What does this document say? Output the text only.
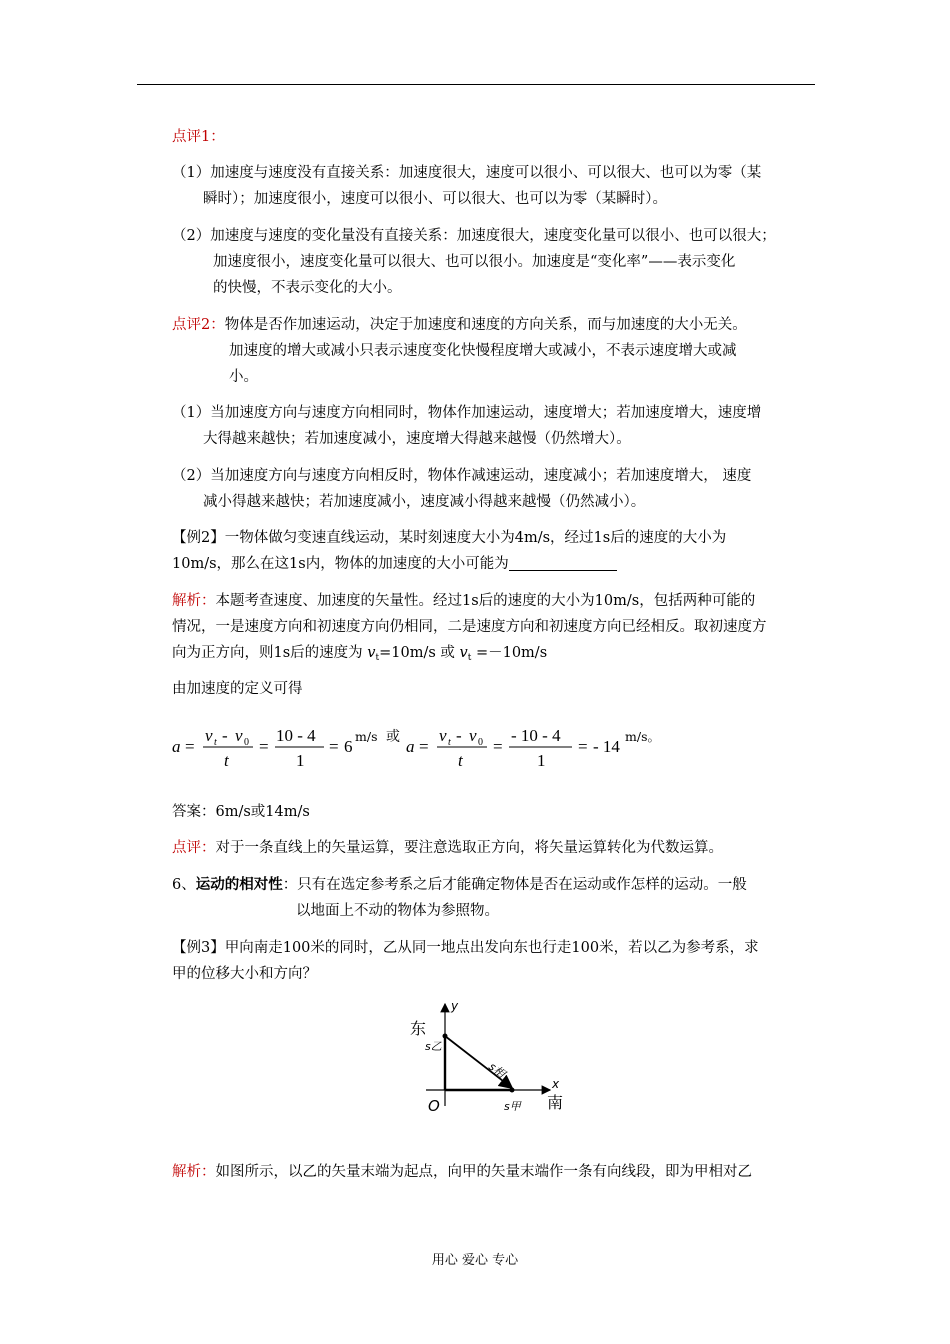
点评1：
（1）加速度与速度没有直接关系：加速度很大，速度可以很小、可以很大、也可以为零（某
瞬时）；加速度很小，速度可以很小、可以很大、也可以为零（某瞬时）。
（2）加速度与速度的变化量没有直接关系：加速度很大，速度变化量可以很小、也可以很大；
加速度很小，速度变化量可以很大、也可以很小。加速度是“变化率”——表示变化
的快慢，不表示变化的大小。
点评2：物体是否作加速运动，决定于加速度和速度的方向关系，而与加速度的大小无关。
加速度的增大或减小只表示速度变化快慢程度增大或减小，不表示速度增大或减
小。
（1）当加速度方向与速度方向相同时，物体作加速运动，速度增大；若加速度增大，速度增
大得越来越快；若加速度减小，速度增大得越来越慢（仍然增大）。
（2）当加速度方向与速度方向相反时，物体作减速运动，速度减小；若加速度增大， 速度
减小得越来越快；若加速度减小，速度减小得越来越慢（仍然减小）。
【例2】一物体做匀变速直线运动，某时刻速度大小为4m/s，经过1s后的速度的大小为
10m/s，那么在这1s内，物体的加速度的大小可能为
解析：本题考查速度、加速度的矢量性。经过1s后的速度的大小为10m/s，包括两种可能的
情况，一是速度方向和初速度方向仍相同，二是速度方向和初速度方向已经相反。取初速度方
向为正方向，则1s后的速度为 $v_t=10m/s$ 或 $v_t =-10m/s$
由加速度的定义可得
a =
v t - v 0
t
=
10 - 4
1
= 6
m/s 或 a =
v t - v 0
t
=
- 10 - 4
1
= - 14
m/s。
答案：6m/s或14m/s
点评：对于一条直线上的矢量运算，要注意选取正方向，将矢量运算转化为代数运算。
6、运动的相对性：只有在选定参考系之后才能确定物体是否在运动或作怎样的运动。一般
以地面上不动的物体为参照物。
【例3】甲向南走100米的同时，乙从同一地点出发向东也行走100米，若以乙为参考系，求
甲的位移大小和方向？
东
南
O
y
x
s乙
s相
s甲
解析：如图所示，以乙的矢量末端为起点，向甲的矢量末端作一条有向线段，即为甲相对乙
用心 爱心 专心
